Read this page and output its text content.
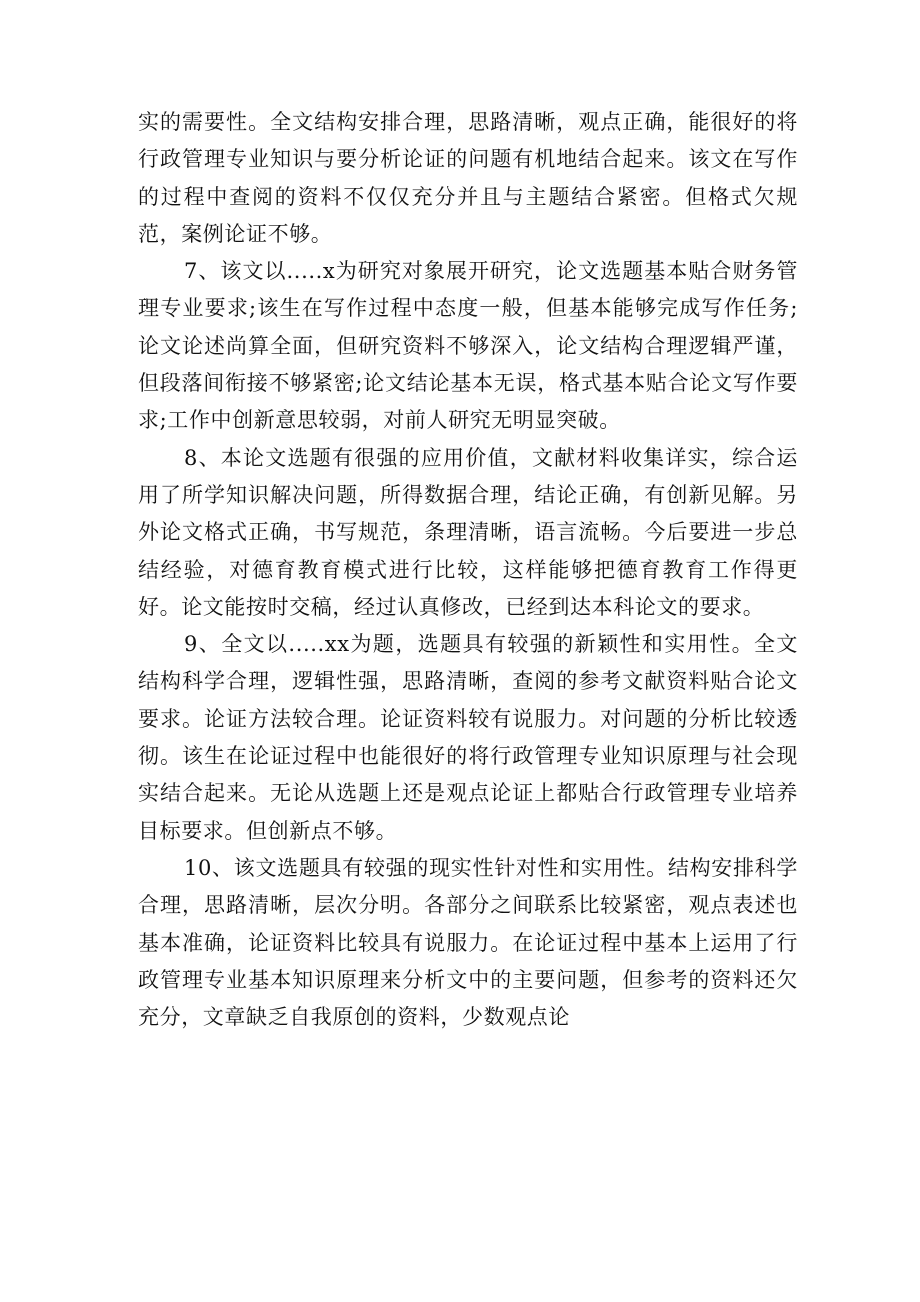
实的需要性。全文结构安排合理，思路清晰，观点正确，能很好的将行政管理专业知识与要分析论证的问题有机地结合起来。该文在写作的过程中查阅的资料不仅仅充分并且与主题结合紧密。但格式欠规范，案例论证不够。

7、该文以.....x为研究对象展开研究，论文选题基本贴合财务管理专业要求;该生在写作过程中态度一般，但基本能够完成写作任务;论文论述尚算全面，但研究资料不够深入，论文结构合理逻辑严谨，但段落间衔接不够紧密;论文结论基本无误，格式基本贴合论文写作要求;工作中创新意思较弱，对前人研究无明显突破。

8、本论文选题有很强的应用价值，文献材料收集详实，综合运用了所学知识解决问题，所得数据合理，结论正确，有创新见解。另外论文格式正确，书写规范，条理清晰，语言流畅。今后要进一步总结经验，对德育教育模式进行比较，这样能够把德育教育工作得更好。论文能按时交稿，经过认真修改，已经到达本科论文的要求。

9、全文以.....xx为题，选题具有较强的新颖性和实用性。全文结构科学合理，逻辑性强，思路清晰，查阅的参考文献资料贴合论文要求。论证方法较合理。论证资料较有说服力。对问题的分析比较透彻。该生在论证过程中也能很好的将行政管理专业知识原理与社会现实结合起来。无论从选题上还是观点论证上都贴合行政管理专业培养目标要求。但创新点不够。

10、该文选题具有较强的现实性针对性和实用性。结构安排科学合理，思路清晰，层次分明。各部分之间联系比较紧密，观点表述也基本准确，论证资料比较具有说服力。在论证过程中基本上运用了行政管理专业基本知识原理来分析文中的主要问题，但参考的资料还欠充分，文章缺乏自我原创的资料，少数观点论
